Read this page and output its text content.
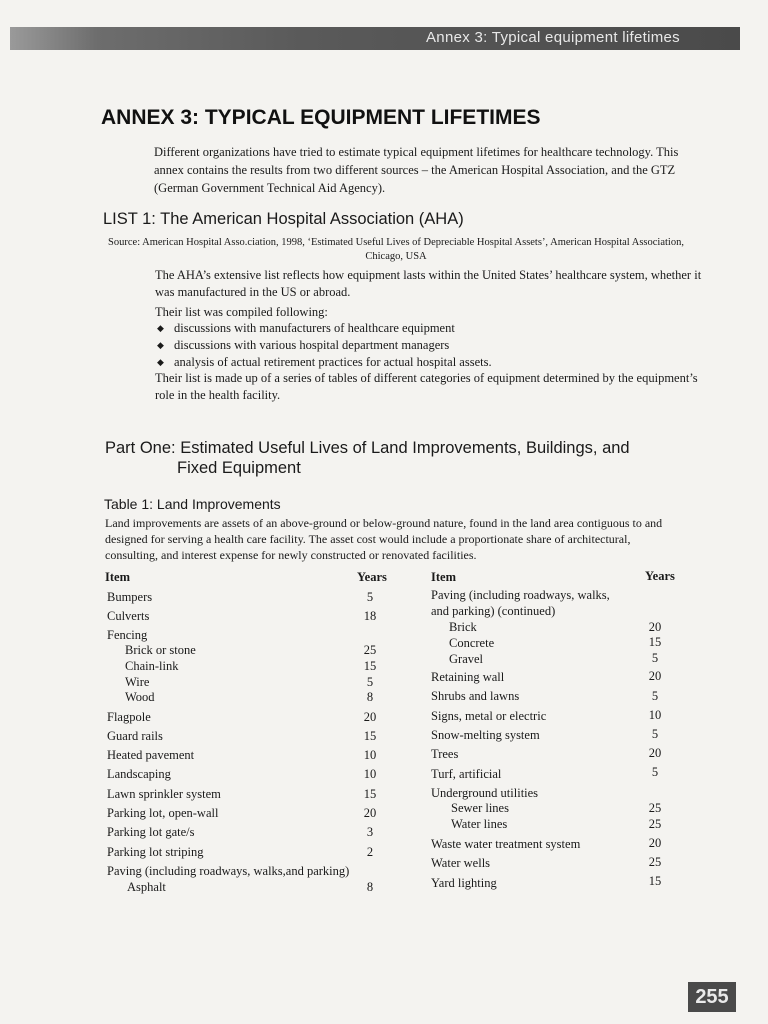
Annex 3: Typical equipment lifetimes
ANNEX 3: TYPICAL EQUIPMENT LIFETIMES

Different organizations have tried to estimate typical equipment lifetimes for healthcare technology. This annex contains the results from two different sources – the American Hospital Association, and the GTZ (German Government Technical Aid Agency).

LIST 1: The American Hospital Association (AHA)

Source: American Hospital Asso.ciation, 1998, ‘Estimated Useful Lives of Depreciable Hospital Assets’, American Hospital Association, Chicago, USA

The AHA’s extensive list reflects how equipment lasts within the United States’ healthcare system, whether it was manufactured in the US or abroad.

Their list was compiled following:

◆ discussions with manufacturers of healthcare equipment
◆ discussions with various hospital department managers
◆ analysis of actual retirement practices for actual hospital assets.

Their list is made up of a series of tables of different categories of equipment determined by the equipment’s role in the health facility.

Part One: Estimated Useful Lives of Land Improvements, Buildings, and
Fixed Equipment
Table 1: Land Improvements

Land improvements are assets of an above-ground or below-ground nature, found in the land area contiguous to and designed for serving a health care facility. The asset cost would include a proportionate share of architectural, consulting, and interest expense for newly constructed or renovated facilities.

Item	Years	Item	Years
Bumpers	5
Culverts	18
Fencing
Brick or stone	25
Chain-link	15
Wire	5
Wood	8
Flagpole	20
Guard rails	15
Heated pavement	10
Landscaping	10
Lawn sprinkler system	15
Parking lot, open-wall	20
Parking lot gate/s	3
Parking lot striping	2
Paving (including roadways, walks,and parking)
Asphalt	8
Paving (including roadways, walks,
and parking) (continued)
Brick	20
Concrete	15
Gravel	5
Retaining wall	20
Shrubs and lawns	5
Signs, metal or electric	10
Snow-melting system	5
Trees	20
Turf, artificial	5
Underground utilities
Sewer lines	25
Water lines	25
Waste water treatment system	20
Water wells	25
Yard lighting	15
255
